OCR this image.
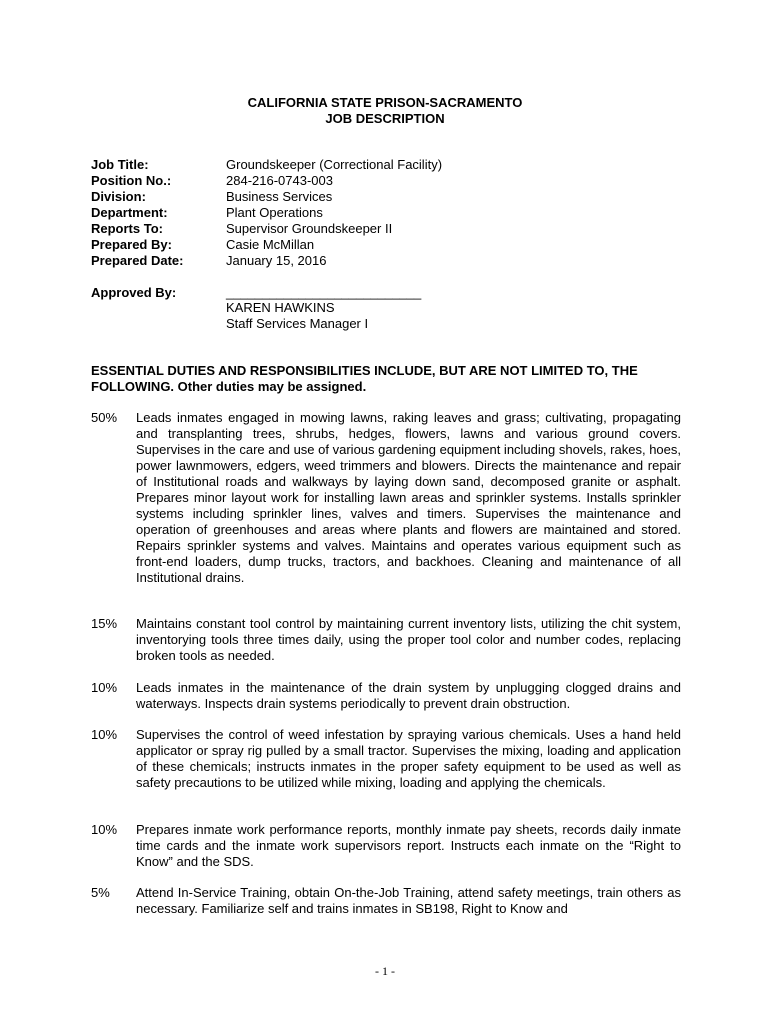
CALIFORNIA STATE PRISON-SACRAMENTO
JOB DESCRIPTION
Job Title:	Groundskeeper (Correctional Facility)
Position No.:	284-216-0743-003
Division:	Business Services
Department:	Plant Operations
Reports To:	Supervisor Groundskeeper II
Prepared By:	Casie McMillan
Prepared Date:	January 15, 2016
Approved By:	___________________________
KAREN HAWKINS
Staff Services Manager I
ESSENTIAL DUTIES AND RESPONSIBILITIES INCLUDE, BUT ARE NOT LIMITED TO, THE FOLLOWING. Other duties may be assigned.
50% Leads inmates engaged in mowing lawns, raking leaves and grass; cultivating, propagating and transplanting trees, shrubs, hedges, flowers, lawns and various ground covers. Supervises in the care and use of various gardening equipment including shovels, rakes, hoes, power lawnmowers, edgers, weed trimmers and blowers. Directs the maintenance and repair of Institutional roads and walkways by laying down sand, decomposed granite or asphalt. Prepares minor layout work for installing lawn areas and sprinkler systems. Installs sprinkler systems including sprinkler lines, valves and timers. Supervises the maintenance and operation of greenhouses and areas where plants and flowers are maintained and stored. Repairs sprinkler systems and valves. Maintains and operates various equipment such as front-end loaders, dump trucks, tractors, and backhoes. Cleaning and maintenance of all Institutional drains.
15% Maintains constant tool control by maintaining current inventory lists, utilizing the chit system, inventorying tools three times daily, using the proper tool color and number codes, replacing broken tools as needed.
10% Leads inmates in the maintenance of the drain system by unplugging clogged drains and waterways. Inspects drain systems periodically to prevent drain obstruction.
10% Supervises the control of weed infestation by spraying various chemicals. Uses a hand held applicator or spray rig pulled by a small tractor. Supervises the mixing, loading and application of these chemicals; instructs inmates in the proper safety equipment to be used as well as safety precautions to be utilized while mixing, loading and applying the chemicals.
10% Prepares inmate work performance reports, monthly inmate pay sheets, records daily inmate time cards and the inmate work supervisors report. Instructs each inmate on the “Right to Know” and the SDS.
5% Attend In-Service Training, obtain On-the-Job Training, attend safety meetings, train others as necessary. Familiarize self and trains inmates in SB198, Right to Know and
- 1 -
